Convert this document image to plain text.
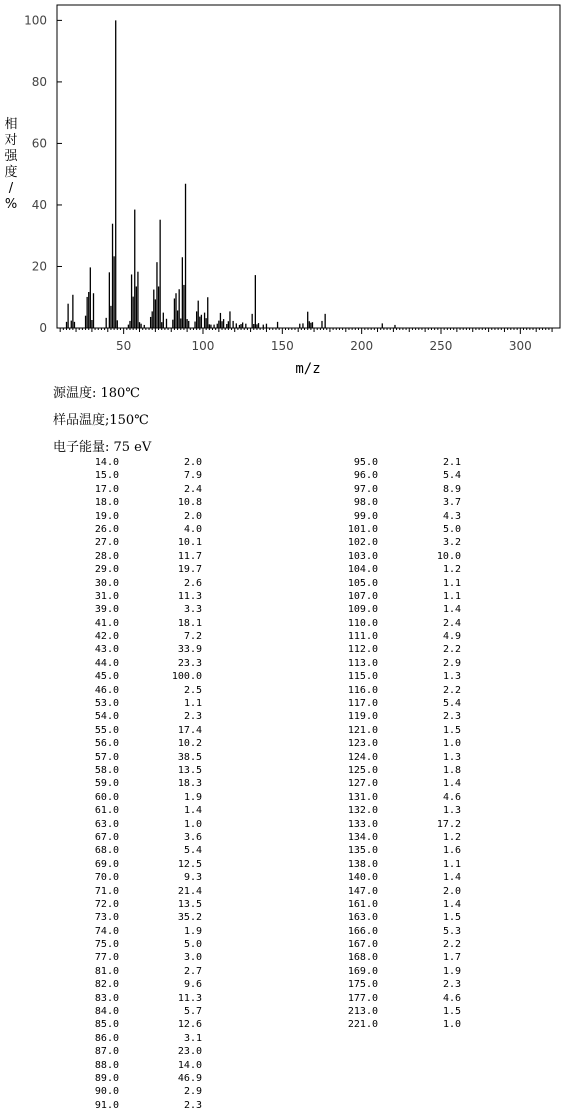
0
20
40
60
80
100
50	100	150	200	250	300
m/z
相对强度/ %
源温度: 180℃
样品温度;150℃
电子能量: 75 eV
14.0	2.0
15.0	7.9
17.0	2.4
18.0	10.8
19.0	2.0
26.0	4.0
27.0	10.1
28.0	11.7
29.0	19.7
30.0	2.6
31.0	11.3
39.0	3.3
41.0	18.1
42.0	7.2
43.0	33.9
44.0	23.3
45.0	100.0
46.0	2.5
53.0	1.1
54.0	2.3
55.0	17.4
56.0	10.2
57.0	38.5
58.0	13.5
59.0	18.3
60.0	1.9
61.0	1.4
63.0	1.0
67.0	3.6
68.0	5.4
69.0	12.5
70.0	9.3
71.0	21.4
72.0	13.5
73.0	35.2
74.0	1.9
75.0	5.0
77.0	3.0
81.0	2.7
82.0	9.6
83.0	11.3
84.0	5.7
85.0	12.6
86.0	3.1
87.0	23.0
88.0	14.0
89.0	46.9
90.0	2.9
91.0	2.3
95.0	2.1
96.0	5.4
97.0	8.9
98.0	3.7
99.0	4.3
101.0	5.0
102.0	3.2
103.0	10.0
104.0	1.2
105.0	1.1
107.0	1.1
109.0	1.4
110.0	2.4
111.0	4.9
112.0	2.2
113.0	2.9
115.0	1.3
116.0	2.2
117.0	5.4
119.0	2.3
121.0	1.5
123.0	1.0
124.0	1.3
125.0	1.8
127.0	1.4
131.0	4.6
132.0	1.3
133.0	17.2
134.0	1.2
135.0	1.6
138.0	1.1
140.0	1.4
147.0	2.0
161.0	1.4
163.0	1.5
166.0	5.3
167.0	2.2
168.0	1.7
169.0	1.9
175.0	2.3
177.0	4.6
213.0	1.5
221.0	1.0
